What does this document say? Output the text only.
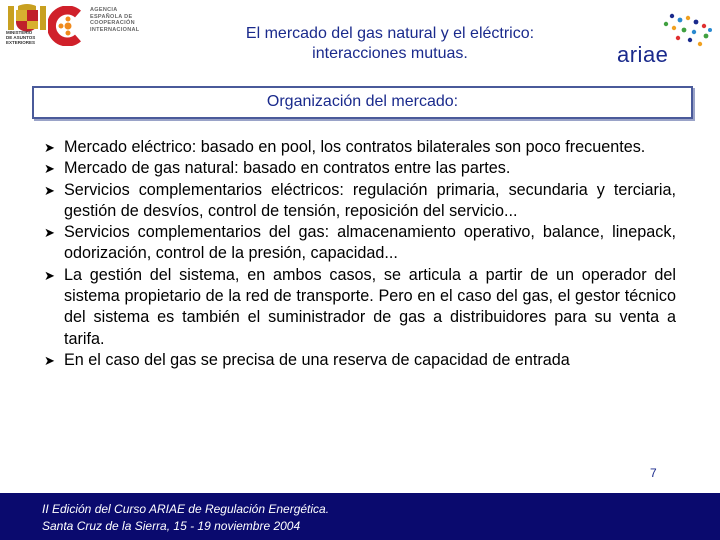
MINISTERIO
DE ASUNTOS
EXTERIORES
AGENCIA
ESPAÑOLA DE
COOPERACIÓN
INTERNACIONAL	El mercado del gas natural y el eléctrico:
interacciones mutuas.	ariae
Organización del mercado:
➤ Mercado eléctrico: basado en pool, los contratos bilaterales son poco frecuentes.
➤ Mercado de gas natural: basado en contratos entre las partes.
➤ Servicios complementarios eléctricos: regulación primaria, secundaria y terciaria, gestión de desvíos, control de tensión, reposición del servicio...
➤ Servicios complementarios del gas: almacenamiento operativo, balance, linepack, odorización, control de la presión, capacidad...
➤ La gestión del sistema, en ambos casos, se articula a partir de un operador del sistema propietario de la red de transporte. Pero en el caso del gas, el gestor técnico del sistema es también el suministrador de gas a distribuidores para su venta a tarifa.
➤ En el caso del gas se precisa de una reserva de capacidad de entrada
7
II Edición del Curso ARIAE de Regulación Energética.
Santa Cruz de la Sierra, 15 - 19 noviembre 2004
